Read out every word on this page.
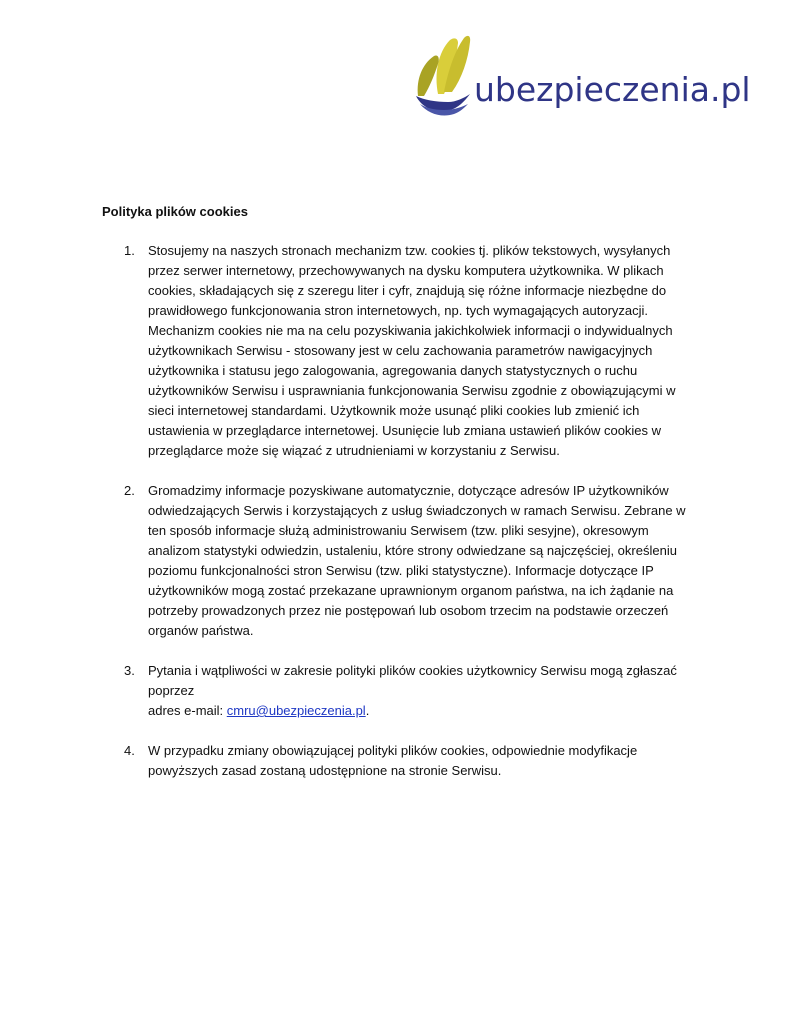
ubezpieczenia.pl
Polityka plików cookies
1. Stosujemy na naszych stronach mechanizm tzw. cookies tj. plików tekstowych, wysyłanych przez serwer internetowy, przechowywanych na dysku komputera użytkownika. W plikach cookies, składających się z szeregu liter i cyfr, znajdują się różne informacje niezbędne do prawidłowego funkcjonowania stron internetowych, np. tych wymagających autoryzacji. Mechanizm cookies nie ma na celu pozyskiwania jakichkolwiek informacji o indywidualnych użytkownikach Serwisu - stosowany jest w celu zachowania parametrów nawigacyjnych użytkownika i statusu jego zalogowania, agregowania danych statystycznych o ruchu użytkowników Serwisu i usprawniania funkcjonowania Serwisu zgodnie z obowiązującymi w sieci internetowej standardami. Użytkownik może usunąć pliki cookies lub zmienić ich ustawienia w przeglądarce internetowej. Usunięcie lub zmiana ustawień plików cookies w przeglądarce może się wiązać z utrudnieniami w korzystaniu z Serwisu.

2. Gromadzimy informacje pozyskiwane automatycznie, dotyczące adresów IP użytkowników odwiedzających Serwis i korzystających z usług świadczonych w ramach Serwisu. Zebrane w ten sposób informacje służą administrowaniu Serwisem (tzw. pliki sesyjne), okresowym analizom statystyki odwiedzin, ustaleniu, które strony odwiedzane są najczęściej, określeniu poziomu funkcjonalności stron Serwisu (tzw. pliki statystyczne). Informacje dotyczące IP użytkowników mogą zostać przekazane uprawnionym organom państwa, na ich żądanie na potrzeby prowadzonych przez nie postępowań lub osobom trzecim na podstawie orzeczeń organów państwa.

3. Pytania i wątpliwości w zakresie polityki plików cookies użytkownicy Serwisu mogą zgłaszać poprzez

adres e-mail: cmru@ubezpieczenia.pl.

4. W przypadku zmiany obowiązującej polityki plików cookies, odpowiednie modyfikacje powyższych zasad zostaną udostępnione na stronie Serwisu.
